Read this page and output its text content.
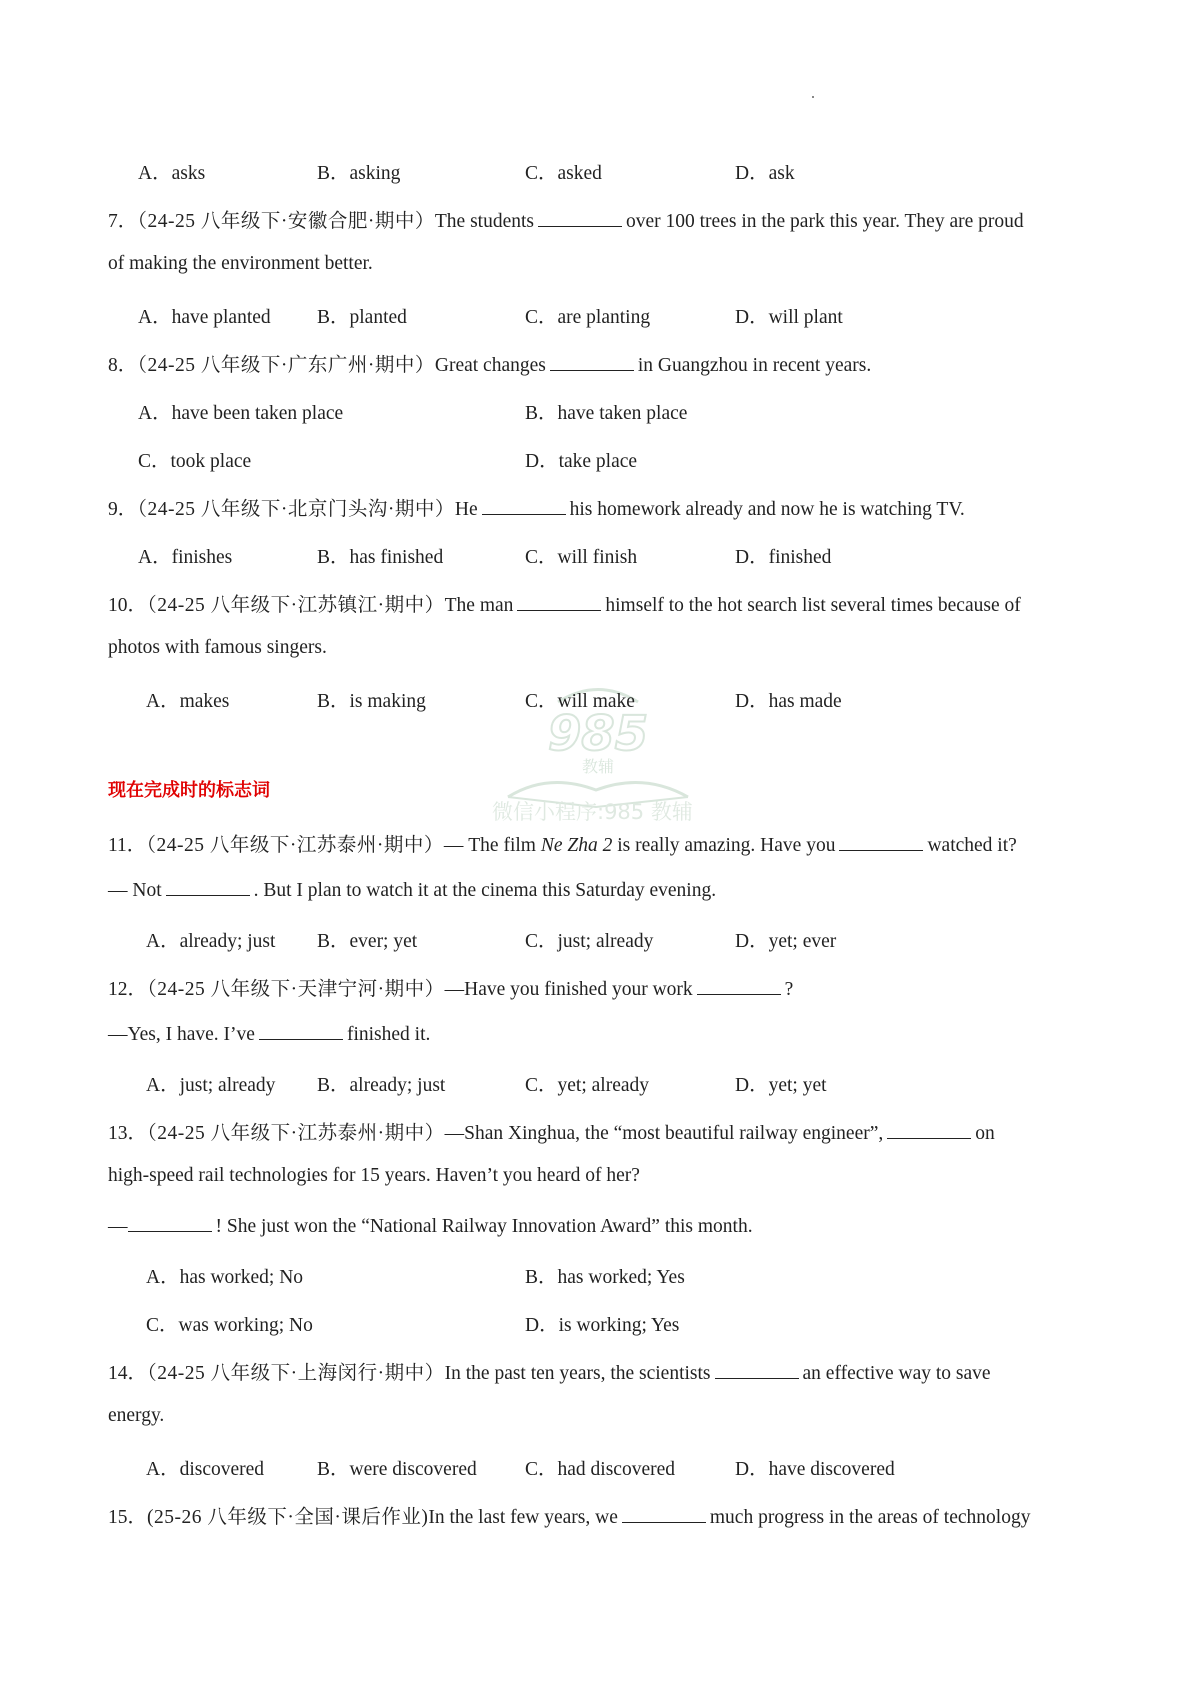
985
教辅
微信小程序:985 教辅
A．asks	B．asking	C．asked	D．ask
7．（24-25 八年级下·安徽合肥·期中）The students	over 100 trees in the park this year. They are proud
of making the environment better.
A．have planted B．planted	C．are planting	D．will plant
8．（24-25 八年级下·广东广州·期中）Great changes	in Guangzhou in recent years.
A．have been taken place	B．have taken place
C．took place	D．take place
9．（24-25 八年级下·北京门头沟·期中）He	his homework already and now he is watching TV.
A．finishes	B．has finished	C．will finish	D．finished
10．（24-25 八年级下·江苏镇江·期中）The man	himself to the hot search list several times because of
photos with famous singers.
A．makes	B．is making	C．will make	D．has made
现在完成时的标志词
11．（24-25 八年级下·江苏泰州·期中）— The film Ne Zha 2 is really amazing. Have you	watched it?
— Not	. But I plan to watch it at the cinema this Saturday evening.
A．already; just B．ever; yet	C．just; already	D．yet; ever
12．（24-25 八年级下·天津宁河·期中）—Have you finished your work	?
—Yes, I have. I’ve	finished it.
A．just; already B．already; just	C．yet; already	D．yet; yet
13．（24-25 八年级下·江苏泰州·期中）—Shan Xinghua, the “most beautiful railway engineer”,	on
high-speed rail technologies for 15 years. Haven’t you heard of her?
—	! She just won the “National Railway Innovation Award” this month.
A．has worked; No	B．has worked; Yes
C．was working; No	D．is working; Yes
14．（24-25 八年级下·上海闵行·期中）In the past ten years, the scientists	an effective way to save
energy.
A．discovered	B．were discovered C．had discovered	D．have discovered
15．(25-26 八年级下·全国·课后作业)In the last few years, we	much progress in the areas of technology
